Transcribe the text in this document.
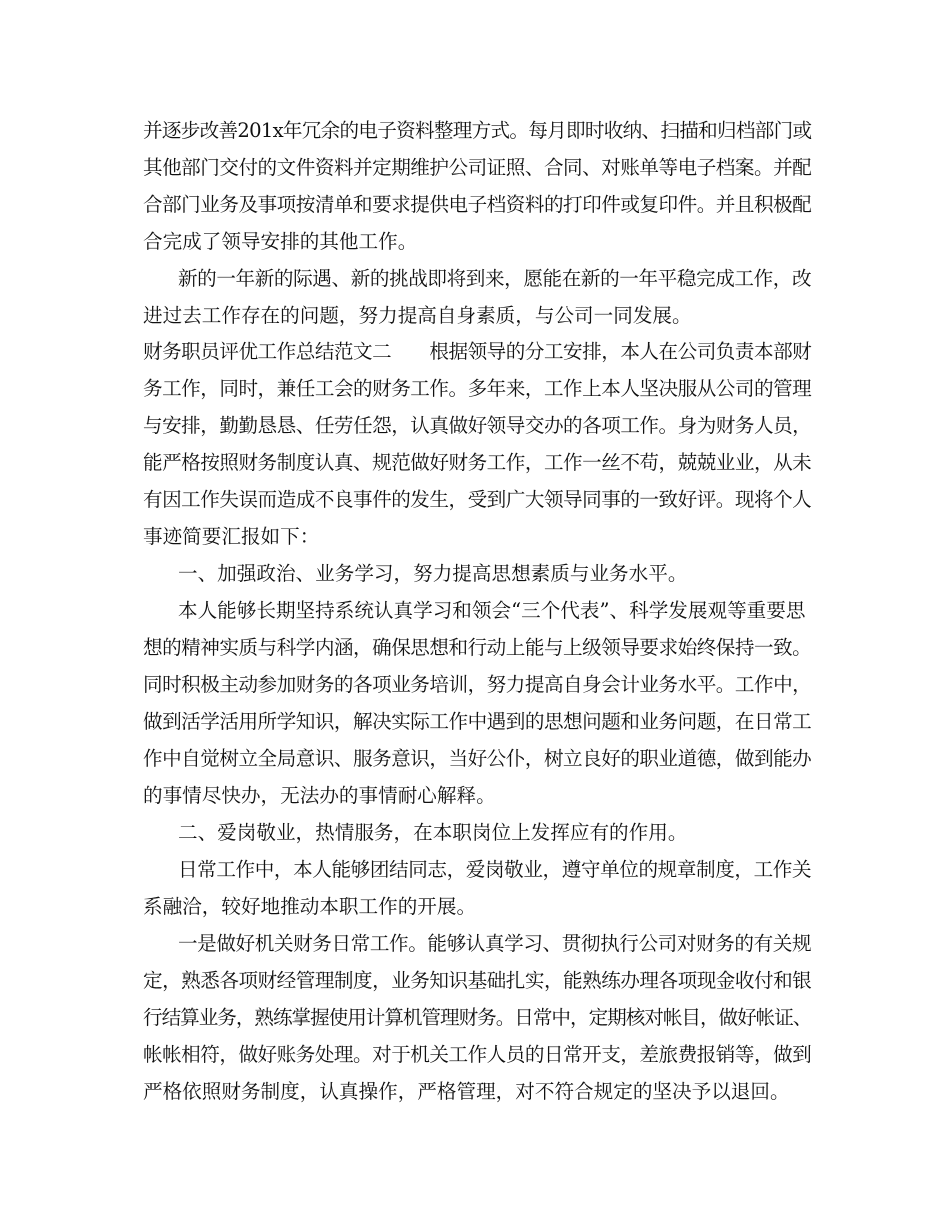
并逐步改善201x年冗余的电子资料整理方式。每月即时收纳、扫描和归档部门或
其他部门交付的文件资料并定期维护公司证照、合同、对账单等电子档案。并配
合部门业务及事项按清单和要求提供电子档资料的打印件或复印件。并且积极配
合完成了领导安排的其他工作。
新的一年新的际遇、新的挑战即将到来，愿能在新的一年平稳完成工作，改
进过去工作存在的问题，努力提高自身素质，与公司一同发展。
财务职员评优工作总结范文二　　根据领导的分工安排，本人在公司负责本部财
务工作，同时，兼任工会的财务工作。多年来，工作上本人坚决服从公司的管理
与安排，勤勤恳恳、任劳任怨，认真做好领导交办的各项工作。身为财务人员，
能严格按照财务制度认真、规范做好财务工作，工作一丝不苟，兢兢业业，从未
有因工作失误而造成不良事件的发生，受到广大领导同事的一致好评。现将个人
事迹简要汇报如下：
一、加强政治、业务学习，努力提高思想素质与业务水平。
本人能够长期坚持系统认真学习和领会“三个代表”、科学发展观等重要思
想的精神实质与科学内涵，确保思想和行动上能与上级领导要求始终保持一致。
同时积极主动参加财务的各项业务培训，努力提高自身会计业务水平。工作中，
做到活学活用所学知识，解决实际工作中遇到的思想问题和业务问题，在日常工
作中自觉树立全局意识、服务意识，当好公仆，树立良好的职业道德，做到能办
的事情尽快办，无法办的事情耐心解释。
二、爱岗敬业，热情服务，在本职岗位上发挥应有的作用。
日常工作中，本人能够团结同志，爱岗敬业，遵守单位的规章制度，工作关
系融洽，较好地推动本职工作的开展。
一是做好机关财务日常工作。能够认真学习、贯彻执行公司对财务的有关规
定，熟悉各项财经管理制度，业务知识基础扎实，能熟练办理各项现金收付和银
行结算业务，熟练掌握使用计算机管理财务。日常中，定期核对帐目，做好帐证、
帐帐相符，做好账务处理。对于机关工作人员的日常开支，差旅费报销等，做到
严格依照财务制度，认真操作，严格管理，对不符合规定的坚决予以退回。
